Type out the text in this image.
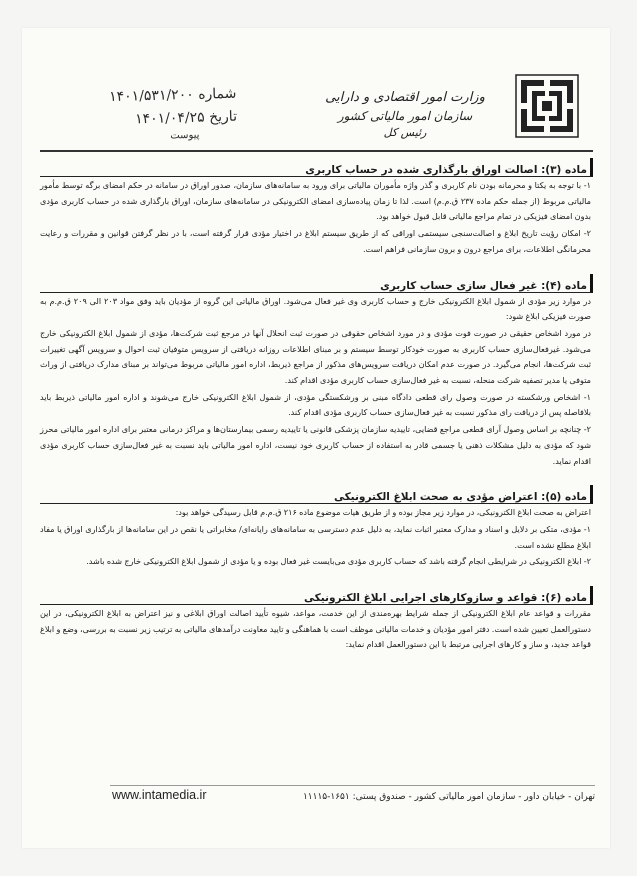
شماره ۱۴۰۱/۵۳۱/۲۰۰
تاریخ ۱۴۰۱/۰۴/۲۵
پیوست
وزارت امور اقتصادی و دارایی
سازمان امور مالیاتی کشور
رئیس کل
ماده (۳): اصالت اوراق بارگذاری شده در حساب کاربری

۱- با توجه به یکتا و محرمانه بودن نام کاربری و گذر واژه مأموران مالیاتی برای ورود به سامانه‌های سازمان، صدور اوراق در سامانه در حکم امضای برگه توسط مأمور مالیاتی مربوط (از جمله حکم ماده ۲۳۷ ق.م.م) است. لذا تا زمان پیاده‌سازی امضای الکترونیکی در سامانه‌های سازمان، اوراق بارگذاری شده در حساب کاربری مؤدی بدون امضای فیزیکی در تمام مراجع مالیاتی قابل قبول خواهد بود.

۲- امکان رؤیت تاریخ ابلاغ و اصالت‌سنجی سیستمی اوراقی که از طریق سیستم ابلاغ در اختیار مؤدی قرار گرفته است، با در نظر گرفتن قوانین و مقررات و رعایت محرمانگی اطلاعات، برای مراجع درون و برون سازمانی فراهم است.

ماده (۴): غیر فعال سازی حساب کاربری

در موارد زیر مؤدی از شمول ابلاغ الکترونیکی خارج و حساب کاربری وی غیر فعال می‌شود. اوراق مالیاتی این گروه از مؤدیان باید وفق مواد ۲۰۳ الی ۲۰۹ ق.م.م به صورت فیزیکی ابلاغ شود:

در مورد اشخاص حقیقی در صورت فوت مؤدی و در مورد اشخاص حقوقی در صورت ثبت انحلال آنها در مرجع ثبت شرکت‌ها، مؤدی از شمول ابلاغ الکترونیکی خارج می‌شود. غیرفعال‌سازی حساب کاربری به صورت خودکار توسط سیستم و بر مبنای اطلاعات روزانه دریافتی از سرویس متوفیان ثبت احوال و سرویس آگهی تغییرات ثبت شرکت‌ها، انجام می‌گیرد. در صورت عدم امکان دریافت سرویس‌های مذکور از مراجع ذیربط، اداره امور مالیاتی مربوط می‌تواند بر مبنای مدارک دریافتی از وراث متوفی یا مدیر تصفیه شرکت منحله، نسبت به غیر فعال‌سازی حساب کاربری مؤدی اقدام کند.

۱- اشخاص ورشکسته در صورت وصول رای قطعی دادگاه مبنی بر ورشکستگی مؤدی، از شمول ابلاغ الکترونیکی خارج می‌شوند و اداره امور مالیاتی ذیربط باید بلافاصله پس از دریافت رای مذکور نسبت به غیر فعال‌سازی حساب کاربری مؤدی اقدام کند.

۲- چنانچه بر اساس وصول آرای قطعی مراجع قضایی، تاییدیه سازمان پزشکی قانونی یا تاییدیه رسمی بیمارستان‌ها و مراکز درمانی معتبر برای اداره امور مالیاتی محرز شود که مؤدی به دلیل مشکلات ذهنی یا جسمی قادر به استفاده از حساب کاربری خود نیست، اداره امور مالیاتی باید نسبت به غیر فعال‌سازی حساب کاربری مؤدی اقدام نماید.

ماده (۵): اعتراض مؤدی به صحت ابلاغ الکترونیکی

اعتراض به صحت ابلاغ الکترونیکی، در موارد زیر مجاز بوده و از طریق هیات موضوع ماده ۲۱۶ ق.م.م قابل رسیدگی خواهد بود:

۱- مؤدی، متکی بر دلایل و اسناد و مدارک معتبر اثبات نماید، به دلیل عدم دسترسی به سامانه‌های رایانه‌ای/ مخابراتی یا نقص در این سامانه‌ها از بارگذاری اوراق یا مفاد ابلاغ مطلع نشده است.

۲- ابلاغ الکترونیکی در شرایطی انجام گرفته باشد که حساب کاربری مؤدی می‌بایست غیر فعال بوده و یا مؤدی از شمول ابلاغ الکترونیکی خارج شده باشد.

ماده (۶): قواعد و سازوکارهای اجرایی ابلاغ الکترونیکی

مقررات و قواعد عام ابلاغ الکترونیکی از جمله شرایط بهره‌مندی از این خدمت، مواعد، شیوه تأیید اصالت اوراق ابلاغی و نیز اعتراض به ابلاغ الکترونیکی، در این دستورالعمل تعیین شده است. دفتر امور مؤدیان و خدمات مالیاتی موظف است با هماهنگی و تایید معاونت درآمدهای مالیاتی به ترتیب زیر نسبت به بررسی، وضع و ابلاغ قواعد جدید، و ساز و کارهای اجرایی مرتبط با این دستورالعمل اقدام نماید:

تهران - خیابان داور - سازمان امور مالیاتی کشور - صندوق پستی: ۱۶۵۱-۱۱۱۱۵
www.intamedia.ir
